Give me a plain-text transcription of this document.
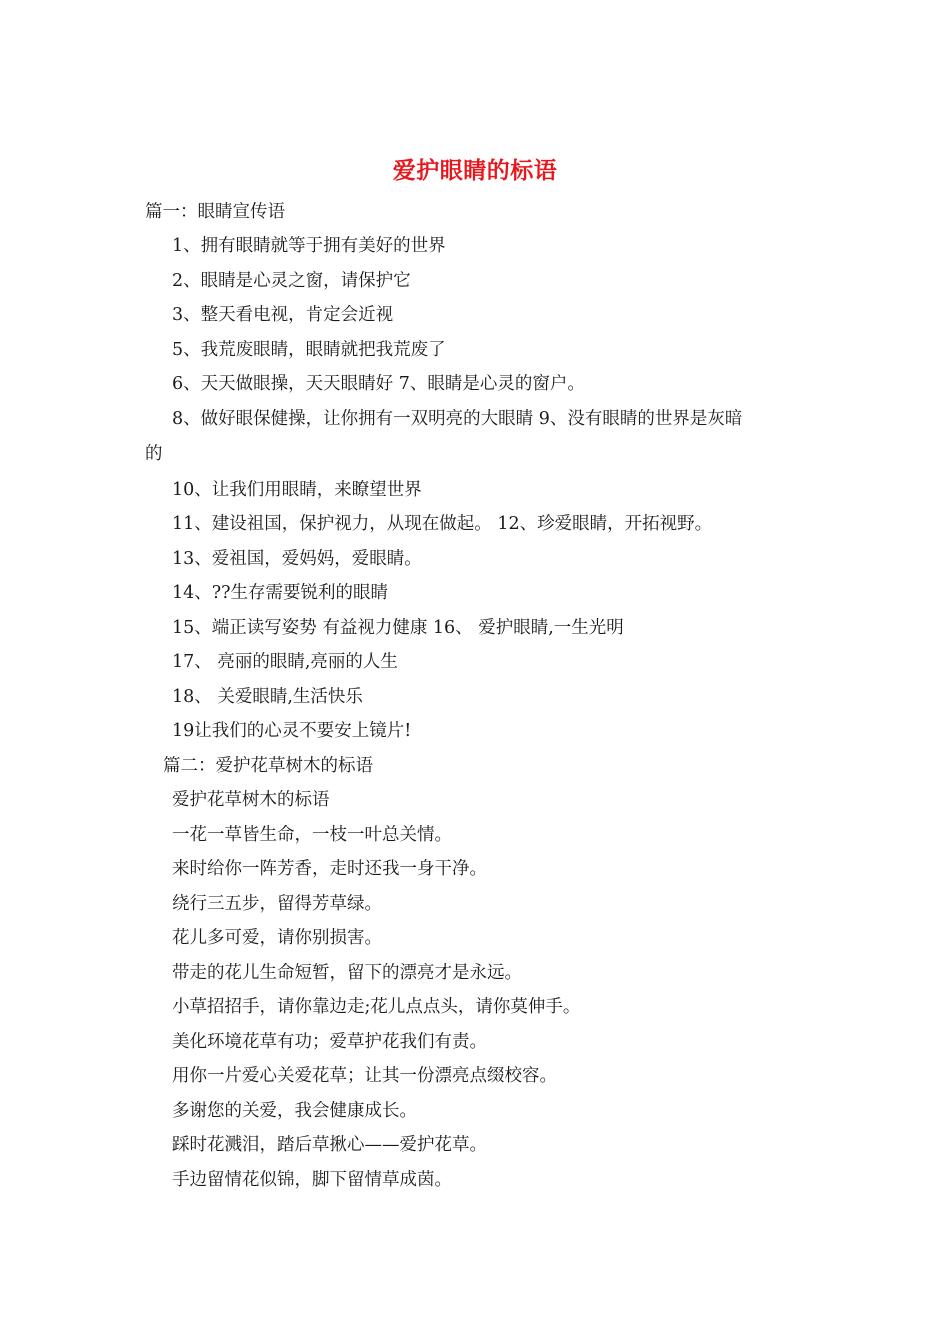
爱护眼睛的标语
篇一：眼睛宣传语
1、拥有眼睛就等于拥有美好的世界
2、眼睛是心灵之窗，请保护它
3、整天看电视，肯定会近视
5、我荒废眼睛，眼睛就把我荒废了
6、天天做眼操，天天眼睛好 7、眼睛是心灵的窗户。
8、做好眼保健操，让你拥有一双明亮的大眼睛 9、没有眼睛的世界是灰暗
的
10、让我们用眼睛，来瞭望世界
11、建设祖国，保护视力，从现在做起。 12、珍爱眼睛，开拓视野。
13、爱祖国，爱妈妈，爱眼睛。
14、??生存需要锐利的眼睛
15、端正读写姿势 有益视力健康 16、 爱护眼睛,一生光明
17、 亮丽的眼睛,亮丽的人生
18、 关爱眼睛,生活快乐
19让我们的心灵不要安上镜片!
篇二：爱护花草树木的标语
爱护花草树木的标语
一花一草皆生命，一枝一叶总关情。
来时给你一阵芳香，走时还我一身干净。
绕行三五步，留得芳草绿。
花儿多可爱，请你别损害。
带走的花儿生命短暂，留下的漂亮才是永远。
小草招招手，请你靠边走;花儿点点头，请你莫伸手。
美化环境花草有功；爱草护花我们有责。
用你一片爱心关爱花草；让其一份漂亮点缀校容。
多谢您的关爱，我会健康成长。
踩时花溅泪，踏后草揪心——爱护花草。
手边留情花似锦，脚下留情草成茵。
